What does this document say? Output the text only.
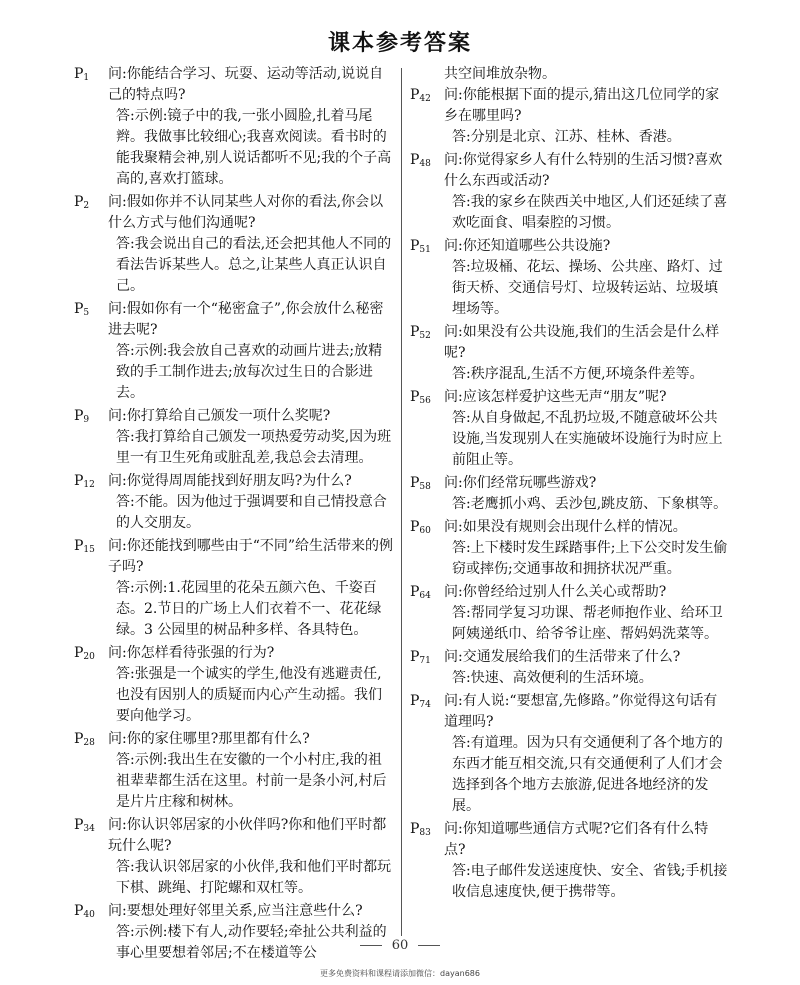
课本参考答案
$P_1$ 问:你能结合学习、玩耍、运动等活动,说说自己的特点吗?
答:示例:镜子中的我,一张小圆脸,扎着马尾辫。我做事比较细心;我喜欢阅读。看书时的能我聚精会神,别人说话都听不见;我的个子高高的,喜欢打篮球。
$P_2$ 问:假如你并不认同某些人对你的看法,你会以什么方式与他们沟通呢?
答:我会说出自己的看法,还会把其他人不同的看法告诉某些人。总之,让某些人真正认识自己。
$P_5$ 问:假如你有一个“秘密盒子”,你会放什么秘密进去呢?
答:示例:我会放自己喜欢的动画片进去;放精致的手工制作进去;放每次过生日的合影进去。
$P_9$ 问:你打算给自己颁发一项什么奖呢?
答:我打算给自己颁发一项热爱劳动奖,因为班里一有卫生死角或脏乱差,我总会去清理。
$P_{12}$ 问:你觉得周周能找到好朋友吗?为什么?
答:不能。因为他过于强调要和自己情投意合的人交朋友。
$P_{15}$ 问:你还能找到哪些由于“不同”给生活带来的例子吗?
答:示例:1.花园里的花朵五颜六色、千姿百态。2.节日的广场上人们衣着不一、花花绿绿。3 公园里的树品种多样、各具特色。
$P_{20}$ 问:你怎样看待张强的行为?
答:张强是一个诚实的学生,他没有逃避责任,也没有因别人的质疑而内心产生动摇。我们要向他学习。
$P_{28}$ 问:你的家住哪里?那里都有什么?
答:示例:我出生在安徽的一个小村庄,我的祖祖辈辈都生活在这里。村前一是条小河,村后是片片庄稼和树林。
$P_{34}$ 问:你认识邻居家的小伙伴吗?你和他们平时都玩什么呢?
答:我认识邻居家的小伙伴,我和他们平时都玩下棋、跳绳、打陀螺和双杠等。
$P_{40}$ 问:要想处理好邻里关系,应当注意些什么?
答:示例:楼下有人,动作要轻;牵扯公共利益的事心里要想着邻居;不在楼道等公
共空间堆放杂物。
$P_{42}$ 问:你能根据下面的提示,猜出这几位同学的家乡在哪里吗?
答:分别是北京、江苏、桂林、香港。
$P_{48}$ 问:你觉得家乡人有什么特别的生活习惯?喜欢什么东西或活动?
答:我的家乡在陕西关中地区,人们还延续了喜欢吃面食、唱秦腔的习惯。
$P_{51}$ 问:你还知道哪些公共设施?
答:垃圾桶、花坛、操场、公共座、路灯、过街天桥、交通信号灯、垃圾转运站、垃圾填埋场等。
$P_{52}$ 问:如果没有公共设施,我们的生活会是什么样呢?
答:秩序混乱,生活不方便,环境条件差等。
$P_{56}$ 问:应该怎样爱护这些无声“朋友”呢?
答:从自身做起,不乱扔垃圾,不随意破坏公共设施,当发现别人在实施破坏设施行为时应上前阻止等。
$P_{58}$ 问:你们经常玩哪些游戏?
答:老鹰抓小鸡、丢沙包,跳皮筋、下象棋等。
$P_{60}$ 问:如果没有规则会出现什么样的情况。
答:上下楼时发生踩踏事件;上下公交时发生偷窃或摔伤;交通事故和拥挤状况严重。
$P_{64}$ 问:你曾经给过别人什么关心或帮助?
答:帮同学复习功课、帮老师抱作业、给环卫阿姨递纸巾、给爷爷让座、帮妈妈洗菜等。
$P_{71}$ 问:交通发展给我们的生活带来了什么?
答:快速、高效便利的生活环境。
$P_{74}$ 问:有人说:“要想富,先修路。”你觉得这句话有道理吗?
答:有道理。因为只有交通便利了各个地方的东西才能互相交流,只有交通便利了人们才会选择到各个地方去旅游,促进各地经济的发展。
$P_{83}$ 问:你知道哪些通信方式呢?它们各有什么特点?
答:电子邮件发送速度快、安全、省钱;手机接收信息速度快,便于携带等。
60
更多免费资料和课程请添加微信：dayan686
